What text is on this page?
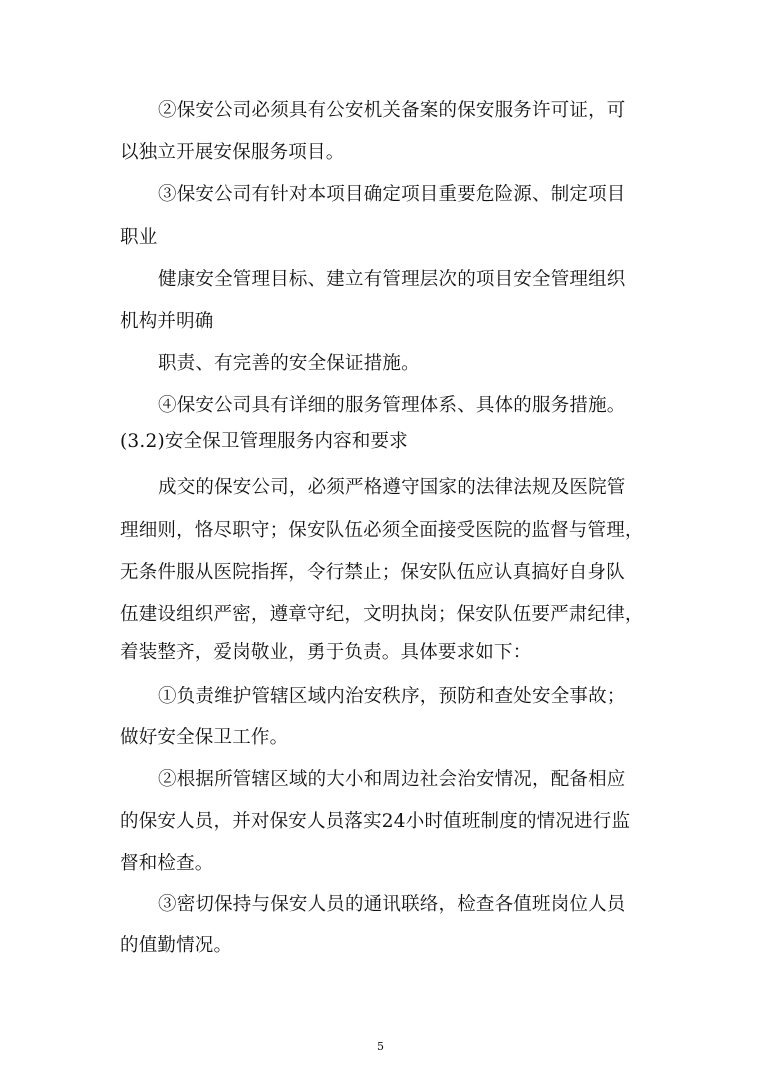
②保安公司必须具有公安机关备案的保安服务许可证，可
以独立开展安保服务项目。
③保安公司有针对本项目确定项目重要危险源、制定项目
职业
健康安全管理目标、建立有管理层次的项目安全管理组织
机构并明确
职责、有完善的安全保证措施。
④保安公司具有详细的服务管理体系、具体的服务措施。
(3.2)安全保卫管理服务内容和要求
成交的保安公司，必须严格遵守国家的法律法规及医院管
理细则，恪尽职守；保安队伍必须全面接受医院的监督与管理，
无条件服从医院指挥，令行禁止；保安队伍应认真搞好自身队
伍建设组织严密，遵章守纪，文明执岗；保安队伍要严肃纪律，
着装整齐，爱岗敬业，勇于负责。具体要求如下：
①负责维护管辖区域内治安秩序，预防和查处安全事故；
做好安全保卫工作。
②根据所管辖区域的大小和周边社会治安情况，配备相应
的保安人员，并对保安人员落实24小时值班制度的情况进行监
督和检查。
③密切保持与保安人员的通讯联络，检查各值班岗位人员
的值勤情况。
5
